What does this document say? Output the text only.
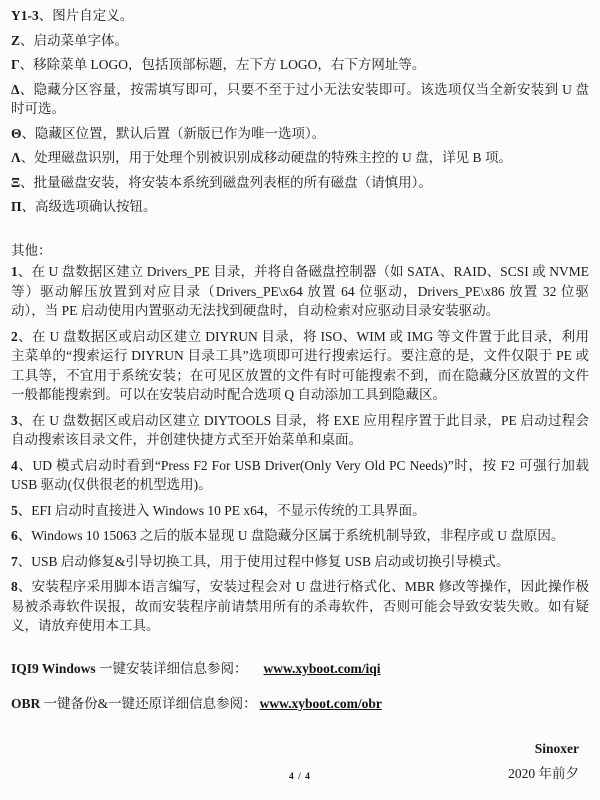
Y1-3、图片自定义。

Z、启动菜单字体。

Γ、移除菜单 LOGO，包括顶部标题，左下方 LOGO，右下方网址等。

Δ、隐藏分区容量，按需填写即可，只要不至于过小无法安装即可。该选项仅当全新安装到 U 盘时可选。

Θ、隐藏区位置，默认后置（新版已作为唯一选项）。

Λ、处理磁盘识别，用于处理个别被识别成移动硬盘的特殊主控的 U 盘，详见 B 项。

Ξ、批量磁盘安装，将安装本系统到磁盘列表框的所有磁盘（请慎用）。

Π、高级选项确认按钮。

其他：

1、在 U 盘数据区建立 Drivers_PE 目录，并将自备磁盘控制器（如 SATA、RAID、SCSI 或 NVME 等）驱动解压放置到对应目录（Drivers_PE\x64 放置 64 位驱动，Drivers_PE\x86 放置 32 位驱动），当 PE 启动使用内置驱动无法找到硬盘时，自动检索对应驱动目录安装驱动。

2、在 U 盘数据区或启动区建立 DIYRUN 目录，将 ISO、WIM 或 IMG 等文件置于此目录，利用主菜单的“搜索运行 DIYRUN 目录工具”选项即可进行搜索运行。要注意的是，文件仅限于 PE 或工具等，不宜用于系统安装；在可见区放置的文件有时可能搜索不到，而在隐藏分区放置的文件一般都能搜索到。可以在安装启动时配合选项 Q 自动添加工具到隐藏区。

3、在 U 盘数据区或启动区建立 DIYTOOLS 目录，将 EXE 应用程序置于此目录，PE 启动过程会自动搜索该目录文件，并创建快捷方式至开始菜单和桌面。

4、UD 模式启动时看到“Press F2 For USB Driver(Only Very Old PC Needs)”时，按 F2 可强行加载 USB 驱动(仅供很老的机型选用)。

5、EFI 启动时直接进入 Windows 10 PE x64，不显示传统的工具界面。

6、Windows 10 15063 之后的版本显现 U 盘隐藏分区属于系统机制导致，非程序或 U 盘原因。

7、USB 启动修复&引导切换工具，用于使用过程中修复 USB 启动或切换引导模式。

8、安装程序采用脚本语言编写，安装过程会对 U 盘进行格式化、MBR 修改等操作，因此操作极易被杀毒软件误报，故而安装程序前请禁用所有的杀毒软件，否则可能会导致安装失败。如有疑义，请放弃使用本工具。

IQI9 Windows 一键安装详细信息参阅： www.xyboot.com/iqi

OBR 一键备份&一键还原详细信息参阅： www.xyboot.com/obr

Sinoxer

2020 年前夕

4 / 4
